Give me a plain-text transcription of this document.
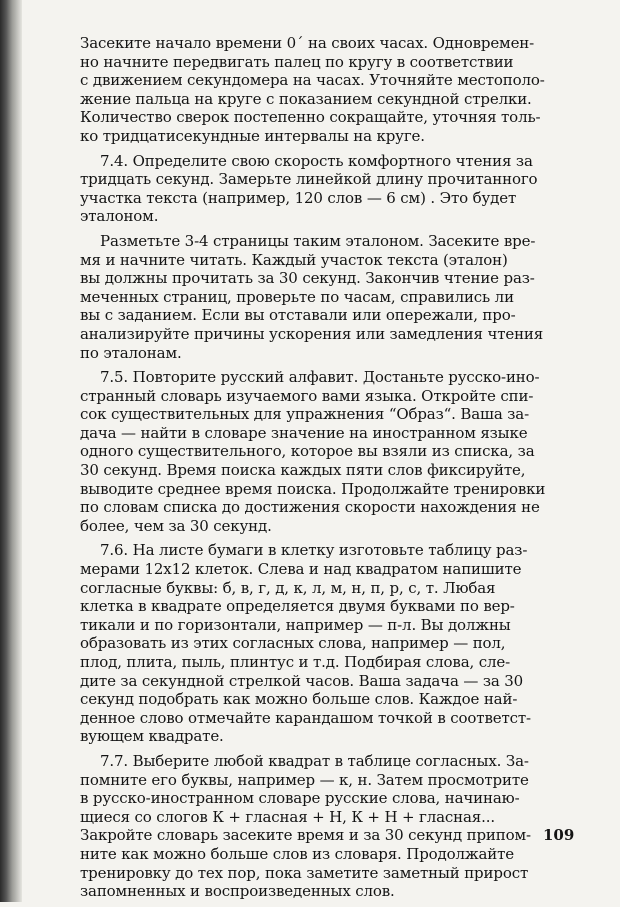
Засеките начало времени 0´ на своих часах. Одновремен-
но начните передвигать палец по кругу в соответствии
с движением секундомера на часах. Уточняйте местополо-
жение пальца на круге с показанием секундной стрелки.
Количество сверок постепенно сокращайте, уточняя толь-
ко тридцатисекундные интервалы на круге.
7.4. Определите свою скорость комфортного чтения за
тридцать секунд. Замерьте линейкой длину прочитанного
участка текста (например, 120 слов — 6 см) . Это будет
эталоном.
Разметьте 3-4 страницы таким эталоном. Засеките вре-
мя и начните читать. Каждый участок текста (эталон)
вы должны прочитать за 30 секунд. Закончив чтение раз-
меченных страниц, проверьте по часам, справились ли
вы с заданием. Если вы отставали или опережали, про-
анализируйте причины ускорения или замедления чтения
по эталонам.
7.5. Повторите русский алфавит. Достаньте русско-ино-
странный словарь изучаемого вами языка. Откройте спи-
сок существительных для упражнения “Образ“. Ваша за-
дача — найти в словаре значение на иностранном языке
одного существительного, которое вы взяли из списка, за
30 секунд. Время поиска каждых пяти слов фиксируйте,
выводите среднее время поиска. Продолжайте тренировки
по словам списка до достижения скорости нахождения не
более, чем за 30 секунд.
7.6. На листе бумаги в клетку изготовьте таблицу раз-
мерами 12х12 клеток. Слева и над квадратом напишите
согласные буквы: б, в, г, д, к, л, м, н, п, р, с, т. Любая
клетка в квадрате определяется двумя буквами по вер-
тикали и по горизонтали, например — п-л. Вы должны
образовать из этих согласных слова, например — пол,
плод, плита, пыль, плинтус и т.д. Подбирая слова, сле-
дите за секундной стрелкой часов. Ваша задача — за 30
секунд подобрать как можно больше слов. Каждое най-
денное слово отмечайте карандашом точкой в соответст-
вующем квадрате.
7.7. Выберите любой квадрат в таблице согласных. За-
помните его буквы, например — к, н. Затем просмотрите
в русско-иностранном словаре русские слова, начинаю-
щиеся со слогов К + гласная + Н, К + Н + гласная...
Закройте словарь засеките время и за 30 секунд припом-
ните как можно больше слов из словаря. Продолжайте
тренировку до тех пор, пока заметите заметный прирост
запомненных и воспроизведенных слов.
109
